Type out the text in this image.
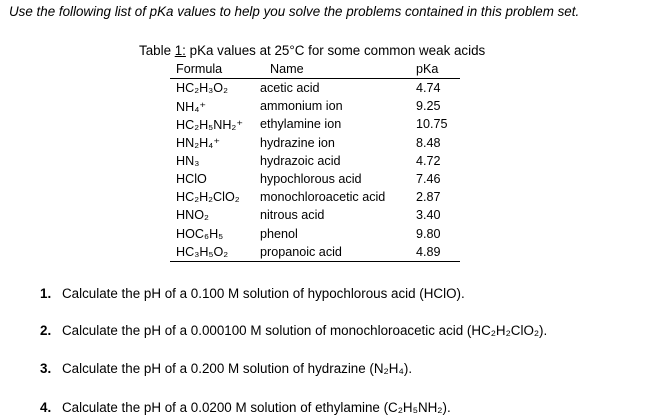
Use the following list of pKa values to help you solve the problems contained in this problem set.
Table 1: pKa values at 25°C for some common weak acids
Formula	Name	pKa
HC₂H₃O₂	acetic acid	4.74
NH₄⁺	ammonium ion	9.25
HC₂H₅NH₂⁺	ethylamine ion	10.75
HN₂H₄⁺	hydrazine ion	8.48
HN₃	hydrazoic acid	4.72
HClO	hypochlorous acid	7.46
HC₂H₂ClO₂	monochloroacetic acid	2.87
HNO₂	nitrous acid	3.40
HOC₆H₅	phenol	9.80
HC₃H₅O₂	propanoic acid	4.89
1. Calculate the pH of a 0.100 M solution of hypochlorous acid (HClO).
2. Calculate the pH of a 0.000100 M solution of monochloroacetic acid (HC₂H₂ClO₂).
3. Calculate the pH of a 0.200 M solution of hydrazine (N₂H₄).
4. Calculate the pH of a 0.0200 M solution of ethylamine (C₂H₅NH₂).
